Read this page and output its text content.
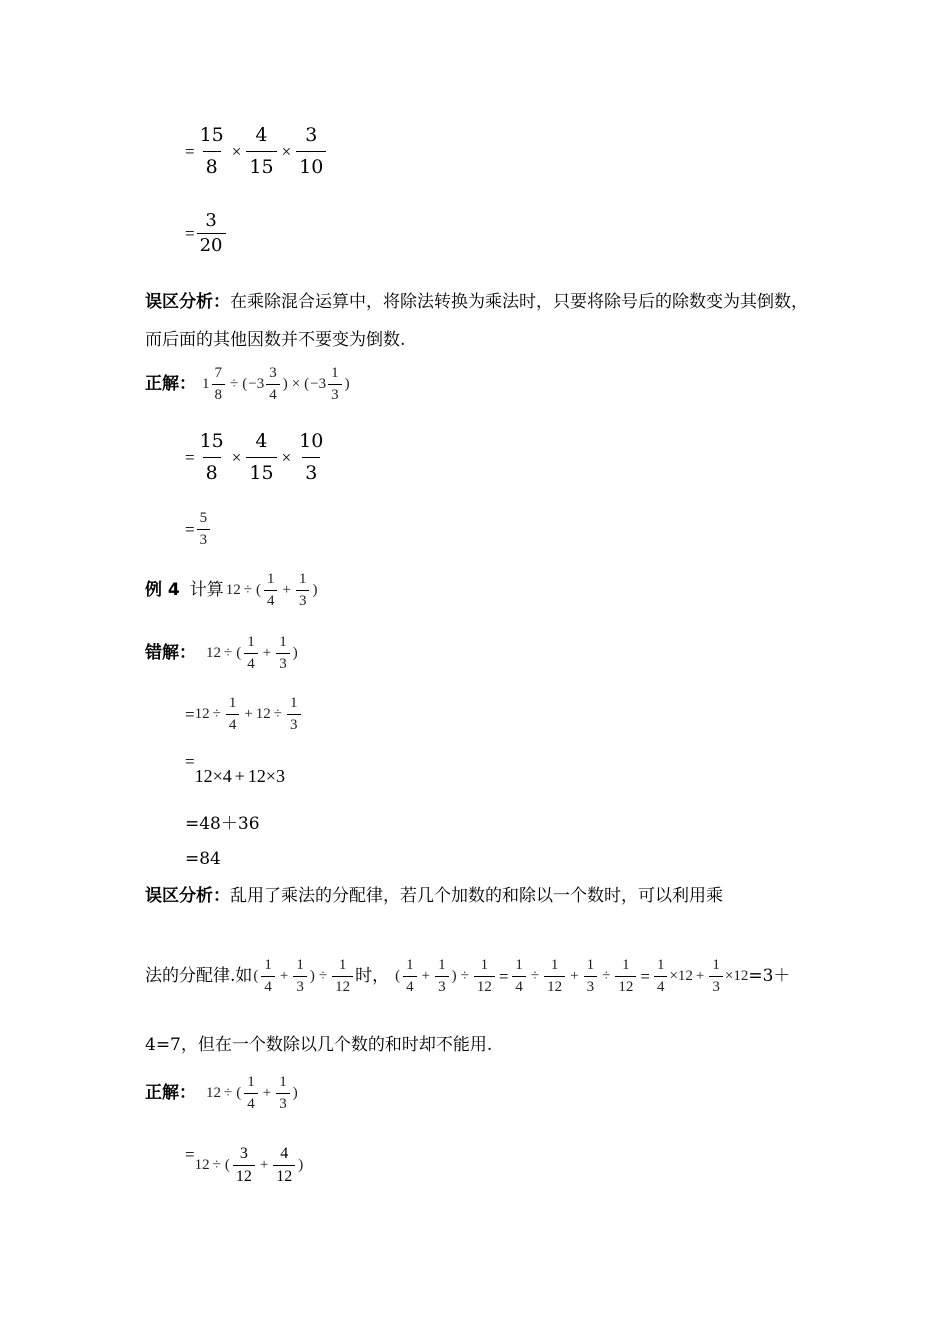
= $\frac{15}{8} \times \frac{4}{15} \times \frac{3}{10}$
= $\frac{3}{20}$
误区分析：在乘除混合运算中，将除法转换为乘法时，只要将除号后的除数变为其倒数，而后面的其他因数并不要变为倒数.
正解： $1 \frac{7}{8}$ ÷ ( $-3 \frac{3}{4}$ ) × ( $-3 \frac{1}{3}$ )
= $\frac{15}{8} \times \frac{4}{15} \times \frac{10}{3}$
= $\frac{5}{3}$
例 4 计算 12 ÷ ( $\frac{1}{4} + \frac{1}{3}$ )
错解： 12 ÷ ( $\frac{1}{4} + \frac{1}{3}$ )
= $12 \div \frac{1}{4} + 12 \div \frac{1}{3}$
=
12×4 + 12×3
=48＋36
=84
误区分析： 乱用了乘法的分配律，若几个加数的和除以一个数时，可以利用乘
法的分配律.如 ( $\frac{1}{4} + \frac{1}{3}$ ) ÷ $\frac{1}{12}$ 时， ( $\frac{1}{4} + \frac{1}{3}$ ) ÷ $\frac{1}{12} = \frac{1}{4} \div \frac{1}{12} + \frac{1}{3} \div \frac{1}{12} = \frac{1}{4} \times 12 + \frac{1}{3} \times 12 =3+$
4=7，但在一个数除以几个数的和时却不能用.
正解： 12 ÷ ( $\frac{1}{4} + \frac{1}{3}$ )
=
12 ÷ ( $\frac{3}{12} + \frac{4}{12}$ )
